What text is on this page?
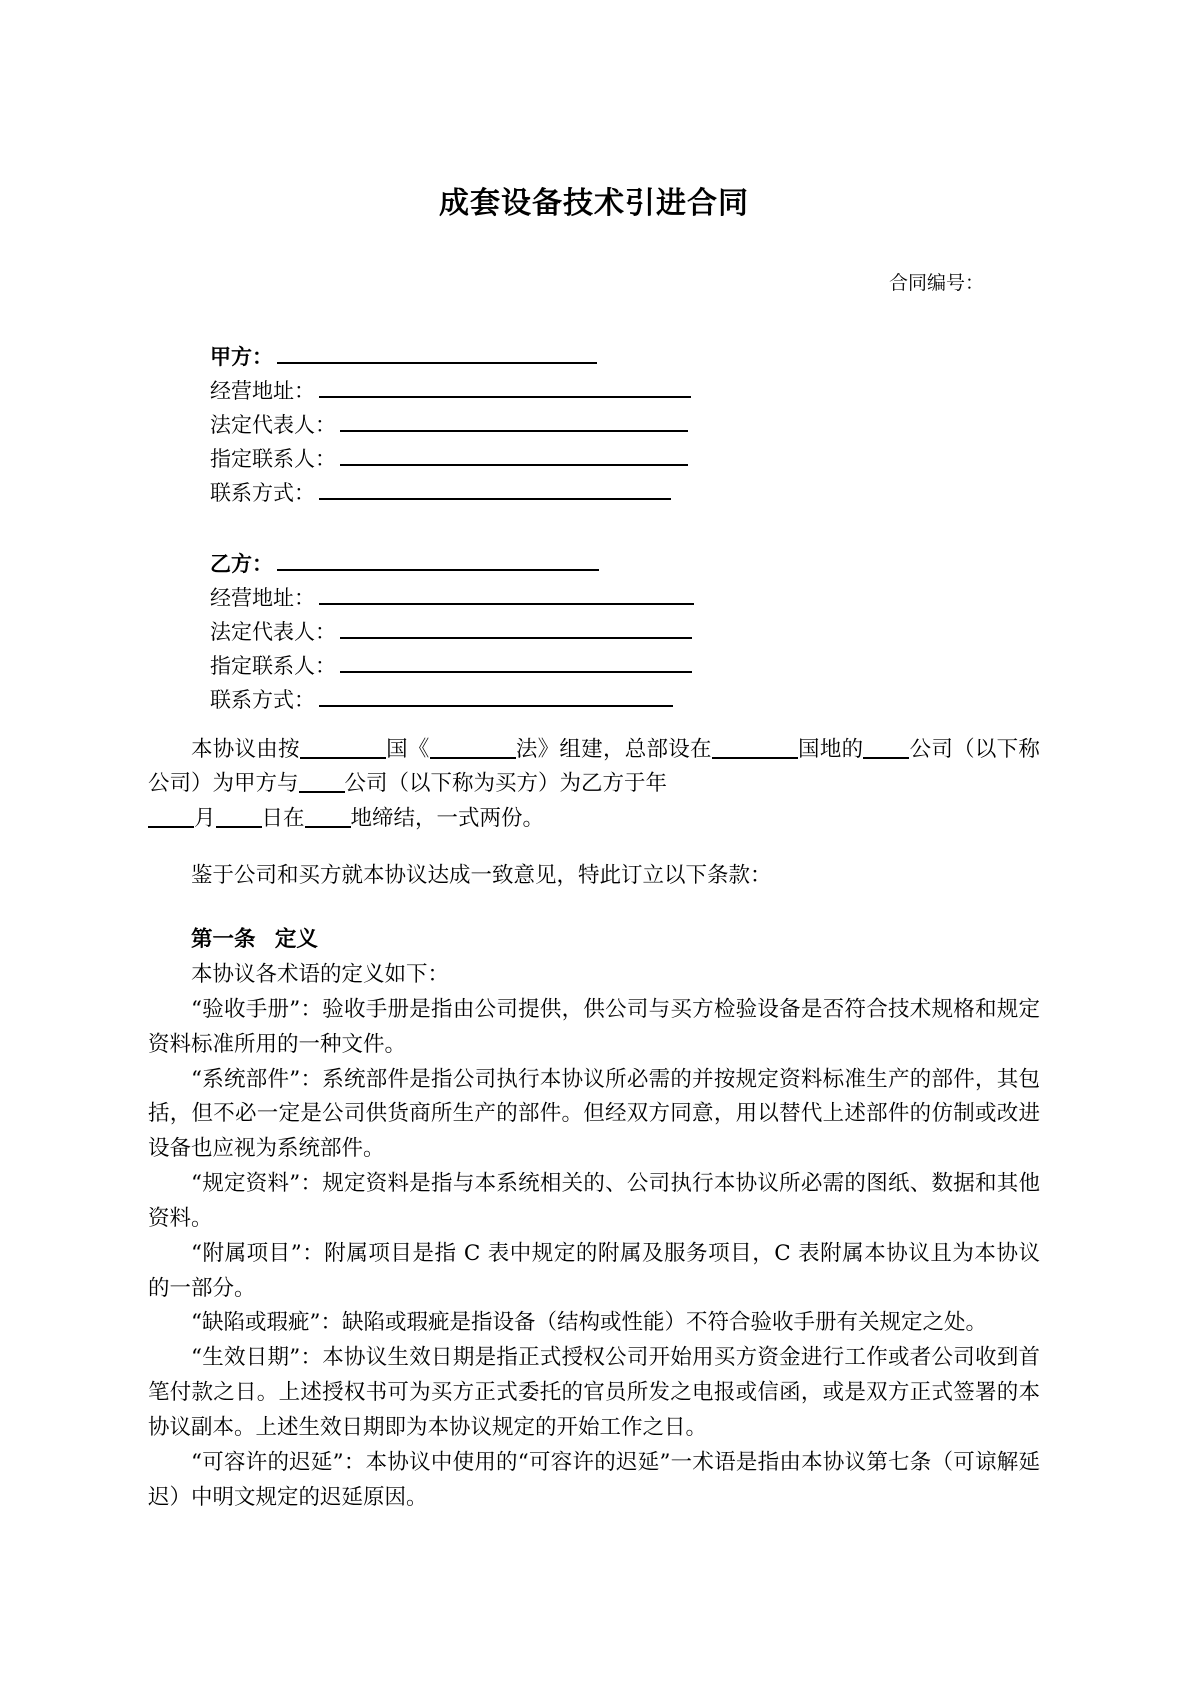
成套设备技术引进合同
合同编号：
甲方：
经营地址：
法定代表人：
指定联系人：
联系方式：
乙方：
经营地址：
法定代表人：
指定联系人：
联系方式：

本协议由按	国《	法》组建，总部设在	国地的 公司（以下称公司）为甲方与 公司（以下称为买方）为乙方于年

月 日在 地缔结，一式两份。

鉴于公司和买方就本协议达成一致意见，特此订立以下条款：

第一条 定义

本协议各术语的定义如下：

“验收手册”：验收手册是指由公司提供，供公司与买方检验设备是否符合技术规格和规定资料标准所用的一种文件。

“系统部件”：系统部件是指公司执行本协议所必需的并按规定资料标准生产的部件，其包括，但不必一定是公司供货商所生产的部件。但经双方同意，用以替代上述部件的仿制或改进设备也应视为系统部件。

“规定资料”：规定资料是指与本系统相关的、公司执行本协议所必需的图纸、数据和其他资料。

“附属项目”：附属项目是指 C 表中规定的附属及服务项目，C 表附属本协议且为本协议的一部分。

“缺陷或瑕疵”：缺陷或瑕疵是指设备（结构或性能）不符合验收手册有关规定之处。

“生效日期”：本协议生效日期是指正式授权公司开始用买方资金进行工作或者公司收到首笔付款之日。上述授权书可为买方正式委托的官员所发之电报或信函，或是双方正式签署的本协议副本。上述生效日期即为本协议规定的开始工作之日。

“可容许的迟延”：本协议中使用的“可容许的迟延”一术语是指由本协议第七条（可谅解延迟）中明文规定的迟延原因。
